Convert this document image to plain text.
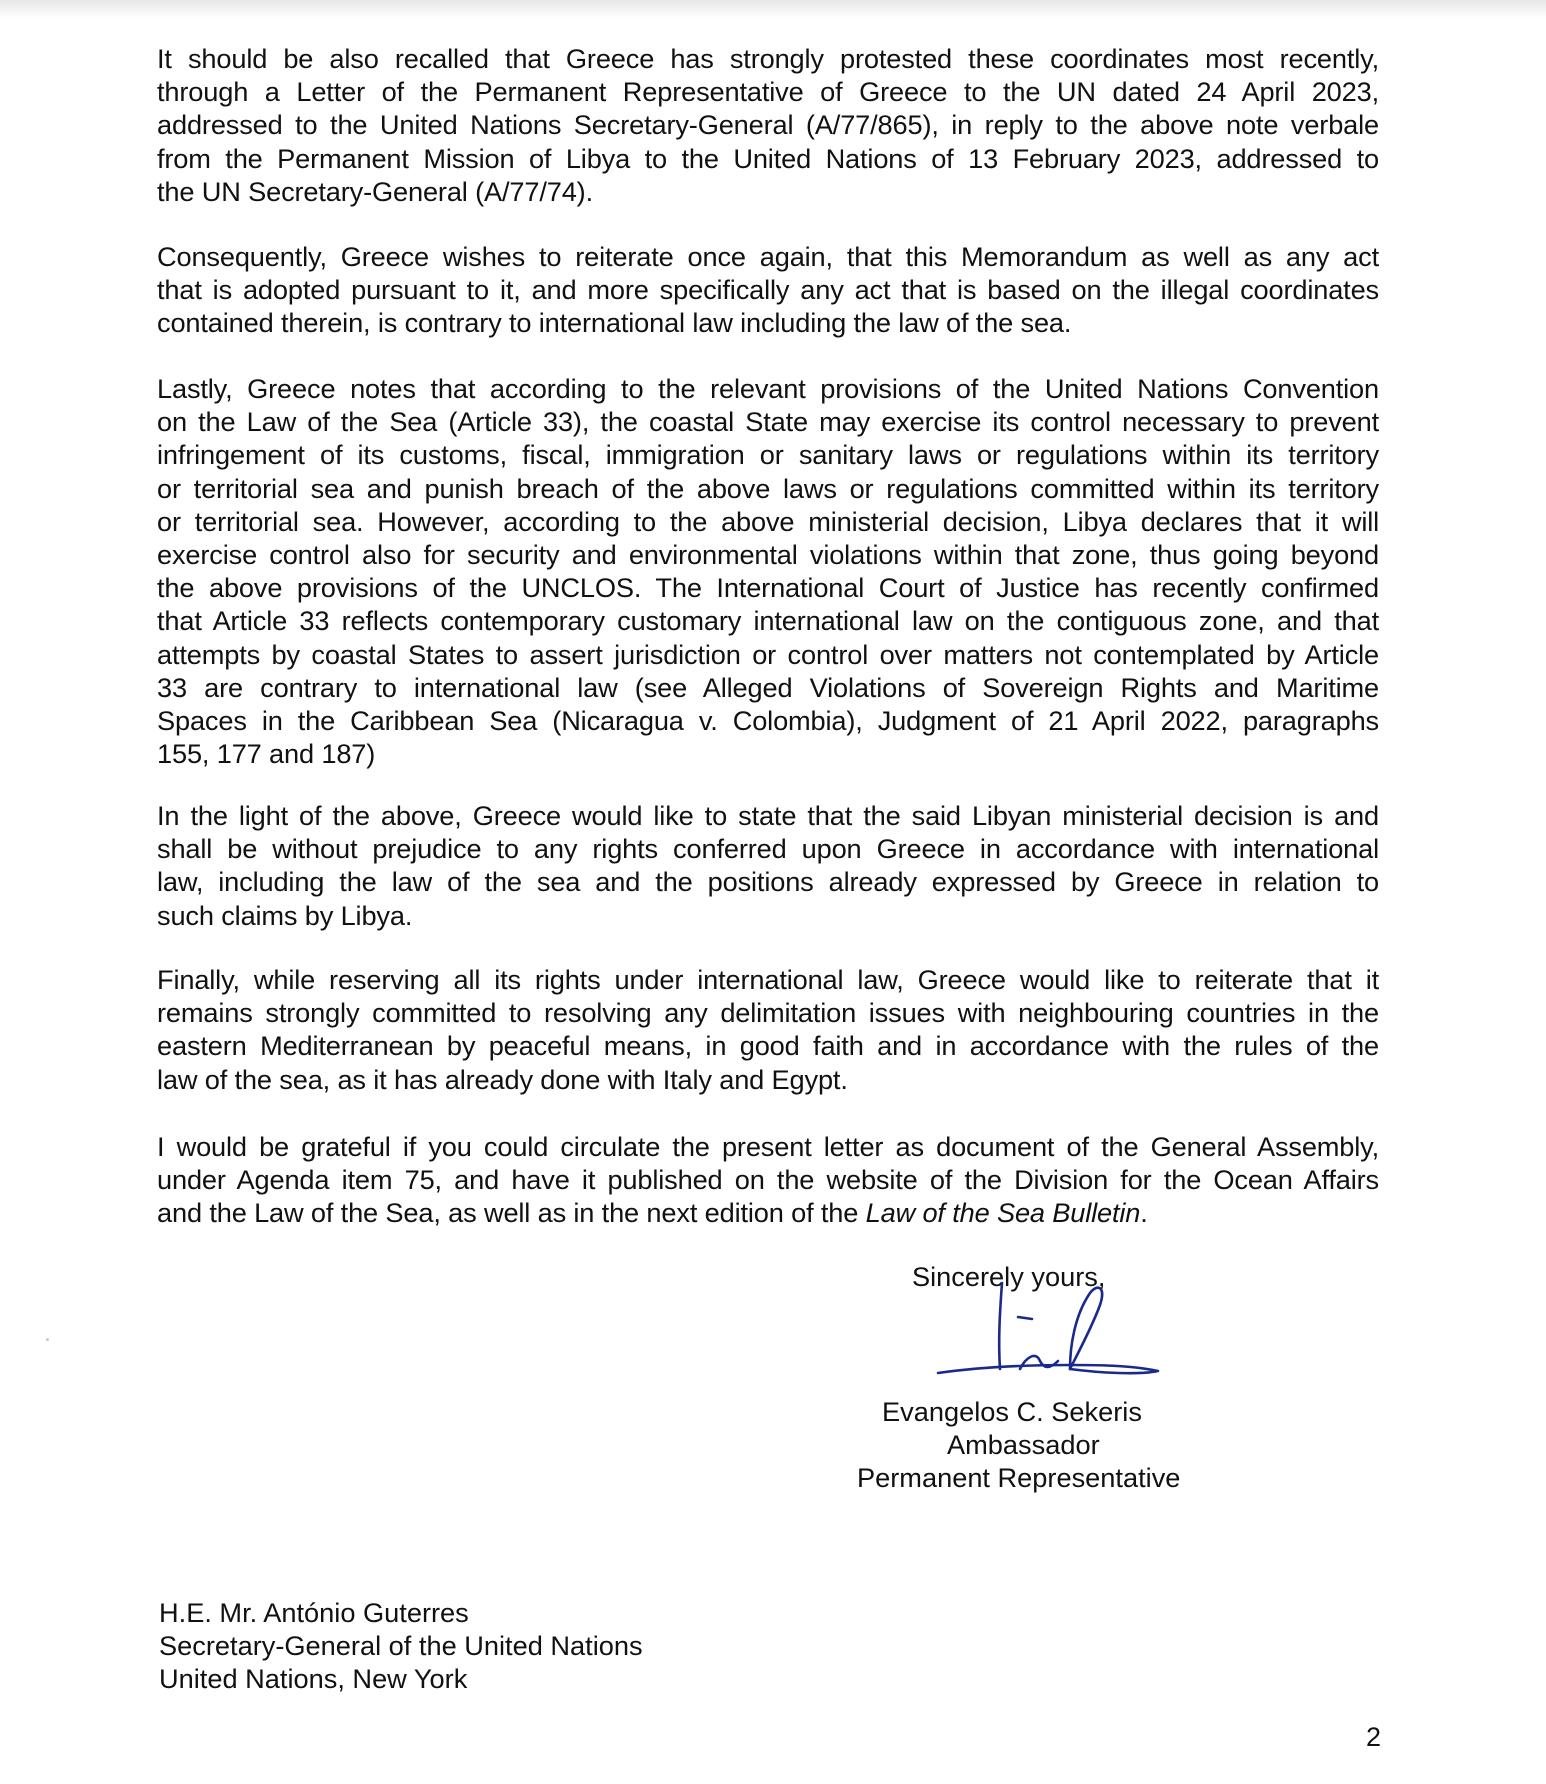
It should be also recalled that Greece has strongly protested these coordinates most recently,
through a Letter of the Permanent Representative of Greece to the UN dated 24 April 2023,
addressed to the United Nations Secretary-General (A/77/865), in reply to the above note verbale
from the Permanent Mission of Libya to the United Nations of 13 February 2023, addressed to
the UN Secretary-General (A/77/74).

Consequently, Greece wishes to reiterate once again, that this Memorandum as well as any act
that is adopted pursuant to it, and more specifically any act that is based on the illegal coordinates
contained therein, is contrary to international law including the law of the sea.

Lastly, Greece notes that according to the relevant provisions of the United Nations Convention
on the Law of the Sea (Article 33), the coastal State may exercise its control necessary to prevent
infringement of its customs, fiscal, immigration or sanitary laws or regulations within its territory
or territorial sea and punish breach of the above laws or regulations committed within its territory
or territorial sea. However, according to the above ministerial decision, Libya declares that it will
exercise control also for security and environmental violations within that zone, thus going beyond
the above provisions of the UNCLOS. The International Court of Justice has recently confirmed
that Article 33 reflects contemporary customary international law on the contiguous zone, and that
attempts by coastal States to assert jurisdiction or control over matters not contemplated by Article
33 are contrary to international law (see Alleged Violations of Sovereign Rights and Maritime
Spaces in the Caribbean Sea (Nicaragua v. Colombia), Judgment of 21 April 2022, paragraphs
155, 177 and 187)

In the light of the above, Greece would like to state that the said Libyan ministerial decision is and
shall be without prejudice to any rights conferred upon Greece in accordance with international
law, including the law of the sea and the positions already expressed by Greece in relation to
such claims by Libya.

Finally, while reserving all its rights under international law, Greece would like to reiterate that it
remains strongly committed to resolving any delimitation issues with neighbouring countries in the
eastern Mediterranean by peaceful means, in good faith and in accordance with the rules of the
law of the sea, as it has already done with Italy and Egypt.

I would be grateful if you could circulate the present letter as document of the General Assembly,
under Agenda item 75, and have it published on the website of the Division for the Ocean Affairs
and the Law of the Sea, as well as in the next edition of the Law of the Sea Bulletin.

Sincerely yours,
Evangelos C. Sekeris
Ambassador
Permanent Representative
H.E. Mr. António Guterres
Secretary-General of the United Nations
United Nations, New York
2
